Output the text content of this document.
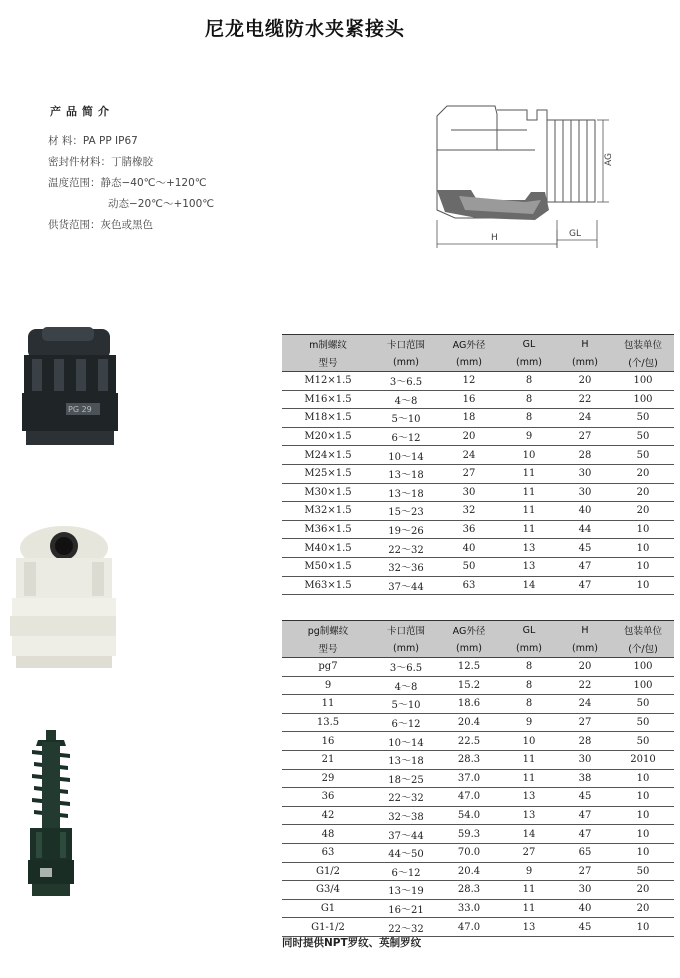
尼龙电缆防水夹紧接头
产品简介
材 料：PA PP IP67
密封件材料：丁腈橡胶
温度范围：静态−40℃～+120℃
动态−20℃～+100℃
供货范围：灰色或黑色
AG
H	GL
PG 29
m制螺纹	卡口范围	AG外径	GL	H	包装单位
型号	(mm)	(mm)	(mm)	(mm)	(个/包)
M12×1.5	3～6.5	12	8	20	100
M16×1.5	4～8	16	8	22	100
M18×1.5	5～10	18	8	24	50
M20×1.5	6～12	20	9	27	50
M24×1.5	10～14	24	10	28	50
M25×1.5	13～18	27	11	30	20
M30×1.5	13～18	30	11	30	20
M32×1.5	15～23	32	11	40	20
M36×1.5	19～26	36	11	44	10
M40×1.5	22～32	40	13	45	10
M50×1.5	32～36	50	13	47	10
M63×1.5	37～44	63	14	47	10
pg制螺纹	卡口范围	AG外径	GL	H	包装单位
型号	(mm)	(mm)	(mm)	(mm)	(个/包)
pg7	3～6.5	12.5	8	20	100
9	4～8	15.2	8	22	100
11	5～10	18.6	8	24	50
13.5	6～12	20.4	9	27	50
16	10～14	22.5	10	28	50
21	13～18	28.3	11	30	2010
29	18～25	37.0	11	38	10
36	22～32	47.0	13	45	10
42	32～38	54.0	13	47	10
48	37～44	59.3	14	47	10
63	44～50	70.0	27	65	10
G1/2	6～12	20.4	9	27	50
G3/4	13～19	28.3	11	30	20
G1	16～21	33.0	11	40	20
G1-1/2	22～32	47.0	13	45	10
同时提供NPT罗纹、英制罗纹
